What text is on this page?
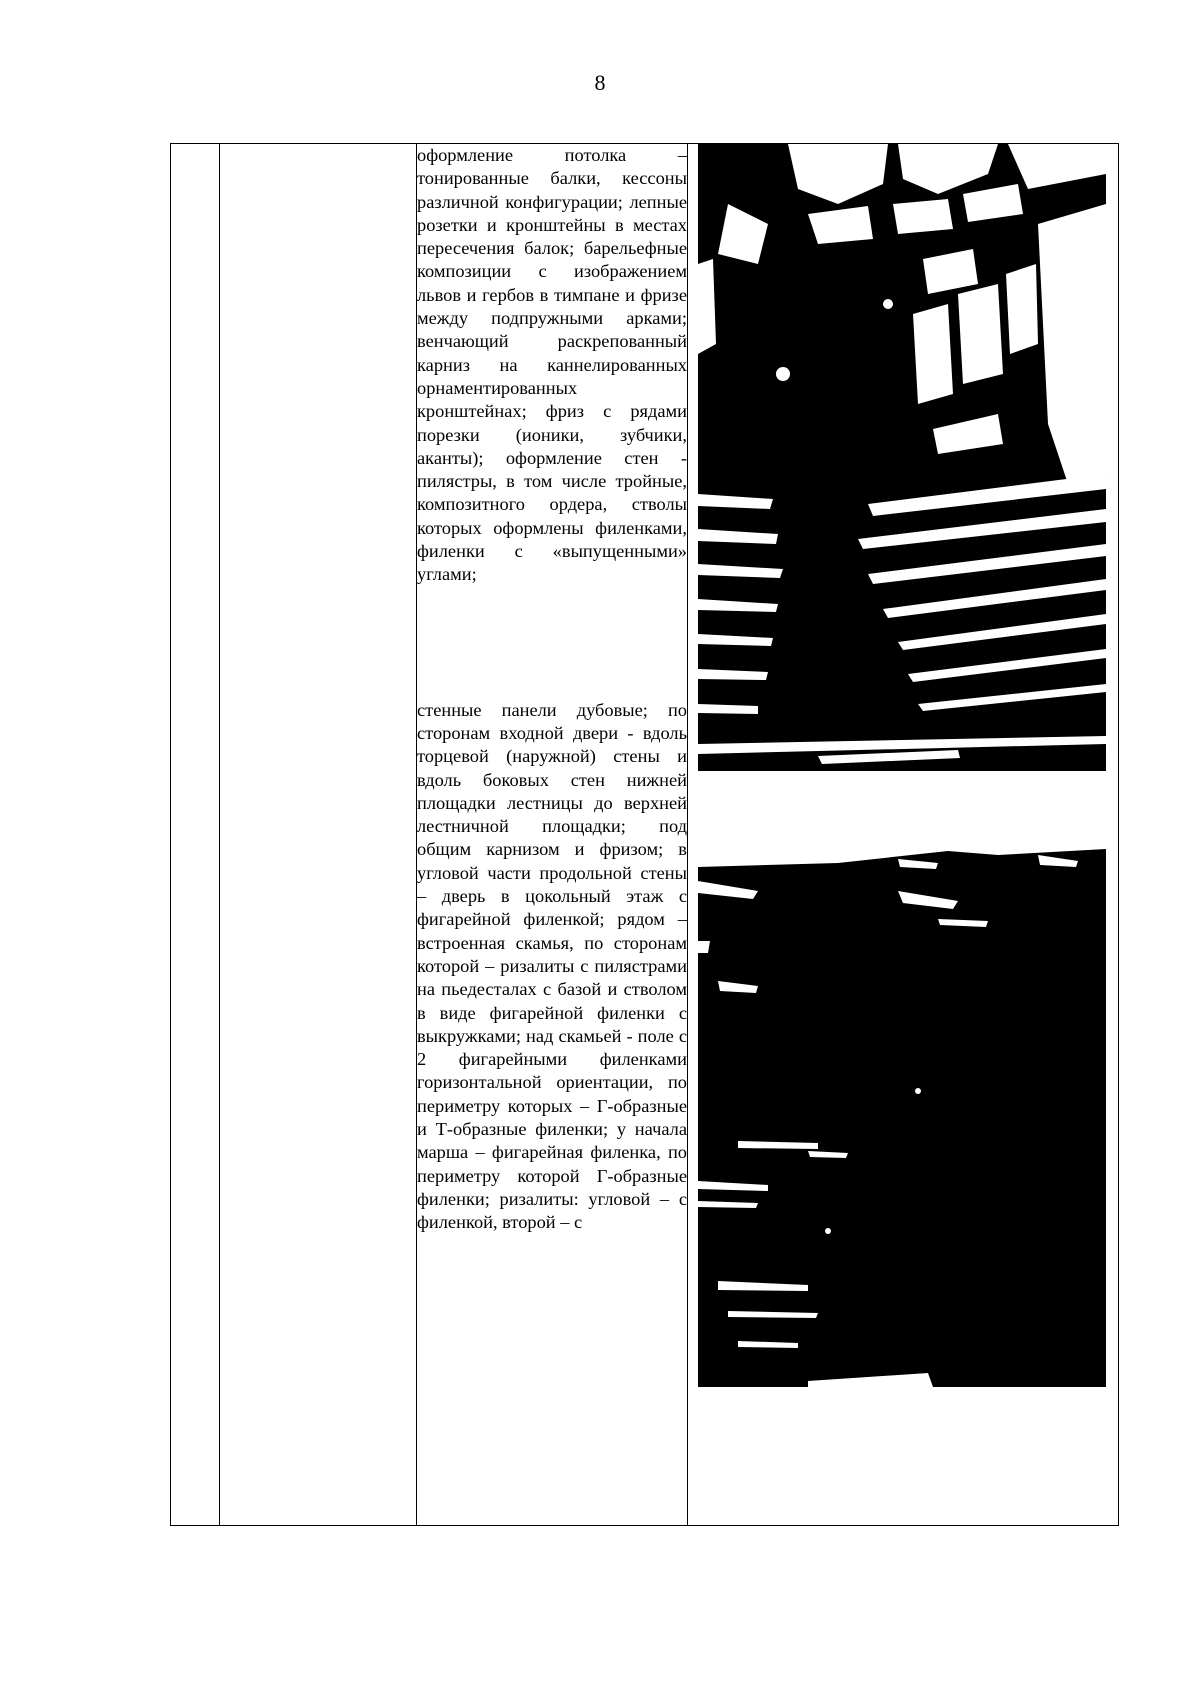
8

оформление потолка – тонированные балки, кессоны различной конфигурации; лепные розетки и кронштейны в местах пересечения балок; барельефные композиции с изображением львов и гербов в тимпане и фризе между подпружными арками; венчающий раскрепованный карниз на каннелированных орнаментированных кронштейнах; фриз с рядами порезки (ионики, зубчики, аканты); оформление стен - пилястры, в том числе тройные, композитного ордера, стволы которых оформлены филенками, филенки с «выпущенными» углами;

стенные панели дубовые; по сторонам входной двери - вдоль торцевой (наружной) стены и вдоль боковых стен нижней площадки лестницы до верхней лестничной площадки; под общим карнизом и фризом; в угловой части продольной стены – дверь в цокольный этаж с фигарейной филенкой; рядом – встроенная скамья, по сторонам которой – ризалиты с пилястрами на пьедесталах с базой и стволом в виде фигарейной филенки с выкружками; над скамьей - поле с 2 фигарейными филенками горизонтальной ориентации, по периметру которых – Г-образные и Т-образные филенки; у начала марша – фигарейная филенка, по периметру которой Г-образные филенки; ризалиты: угловой – с филенкой, второй – с
